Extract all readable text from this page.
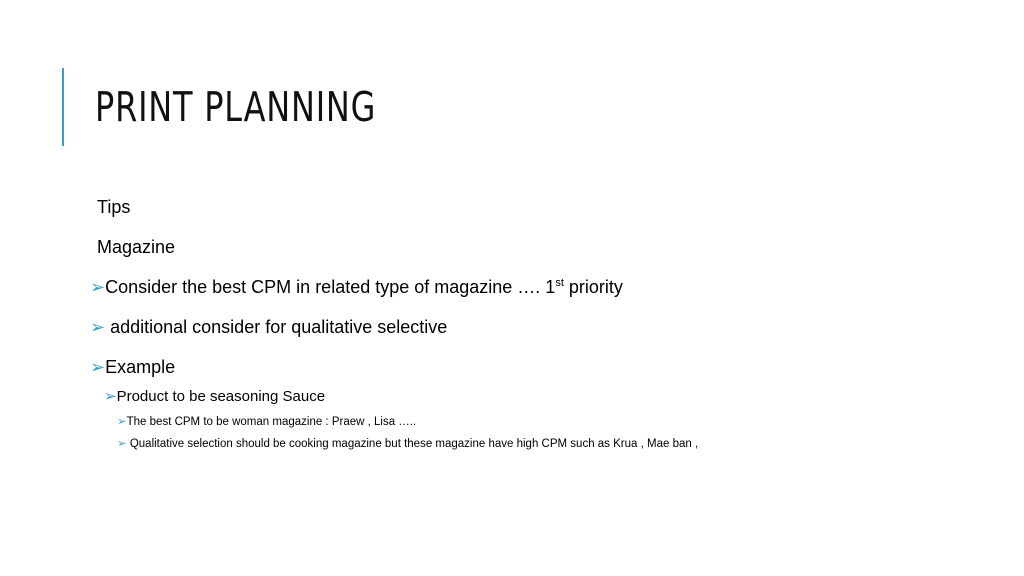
PRINT PLANNING
Tips
Magazine
➢Consider the best CPM in related type of magazine …. 1st priority
➢ additional consider for qualitative selective
➢Example
➢Product to be seasoning Sauce
➢The best CPM to be woman magazine : Praew , Lisa …..
➢ Qualitative selection should be cooking magazine but these magazine have high CPM such as Krua , Mae ban ,
